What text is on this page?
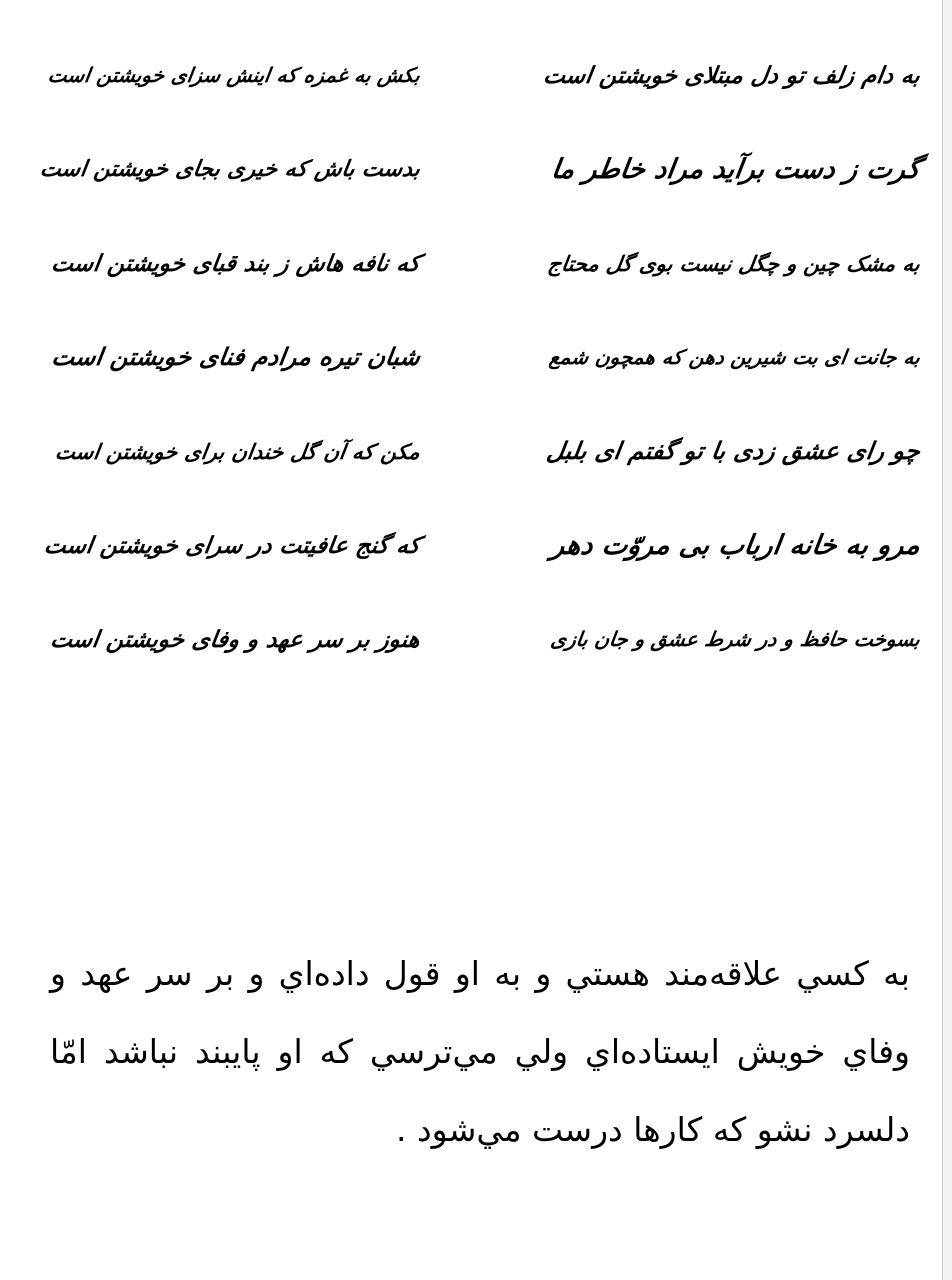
به دام زلف تو دل مبتلای خویشتن است
بکش به غمزه که اینش سزای خویشتن است
گرت ز دست برآید مراد خاطر ما
بدست باش که خیری بجای خویشتن است
به مشک چین و چگل نیست بوی گل محتاج
که نافه هاش ز بند قبای خویشتن است
به جانت ای بت شیرین دهن که همچون شمع
شبان تیره مرادم فنای خویشتن است
چو رای عشق زدی با تو گفتم ای بلبل
مکن که آن گل خندان برای خویشتن است
مرو به خانه ارباب بی مروّت دهر
که گنج عافیتت در سرای خویشتن است
بسوخت حافظ و در شرط عشق و جان بازی
هنوز بر سر عهد و وفای خویشتن است
به كسي علاقه‌مند هستي و به او قول داده‌اي و بر سر عهد و وفاي خويش ايستاده‌اي ولي مي‌ترسي كه او پايبند نباشد امّا دلسرد نشو كه كارها درست مي‌شود .
